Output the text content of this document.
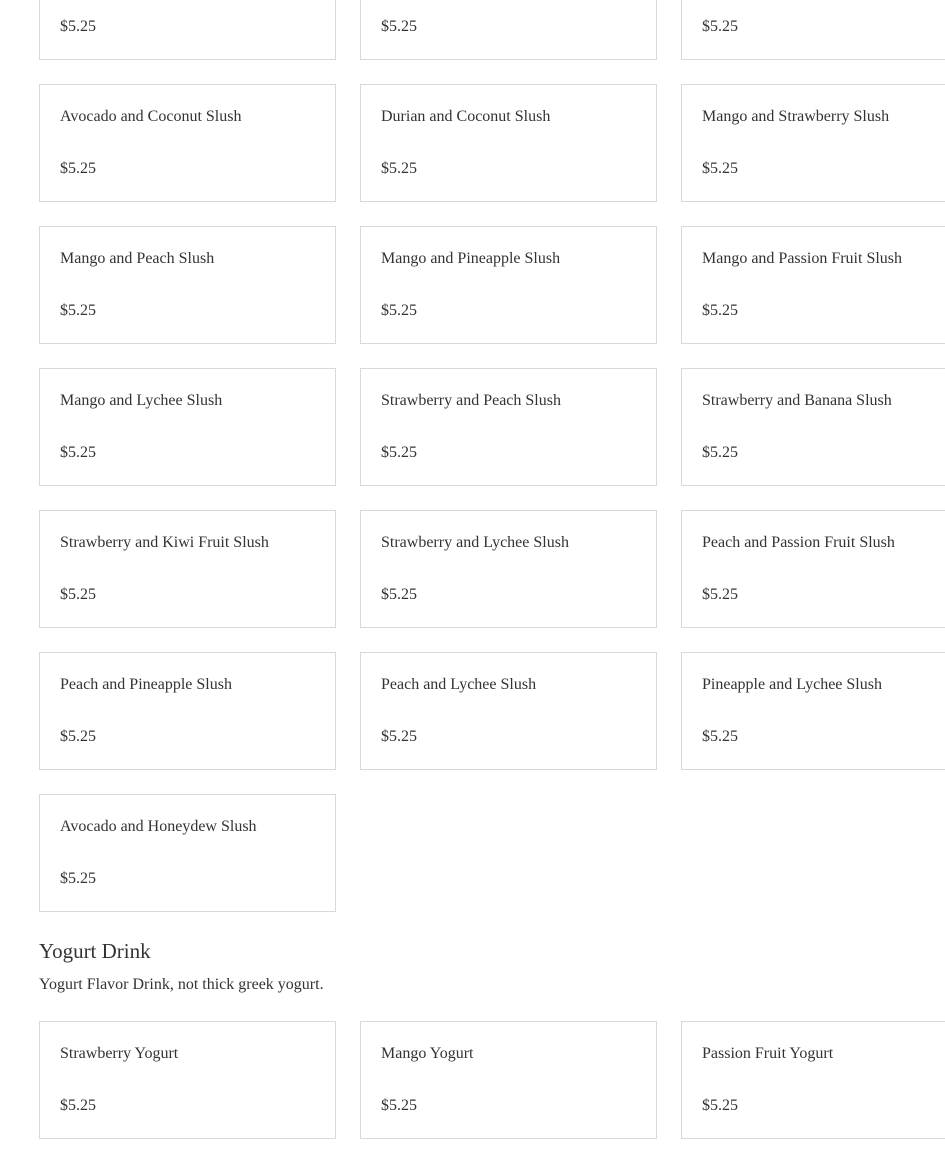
$5.25	$5.25	$5.25
Avocado and Coconut Slush
$5.25
Durian and Coconut Slush
$5.25
Mango and Strawberry Slush
$5.25
Mango and Peach Slush
$5.25
Mango and Pineapple Slush
$5.25
Mango and Passion Fruit Slush
$5.25
Mango and Lychee Slush
$5.25
Strawberry and Peach Slush
$5.25
Strawberry and Banana Slush
$5.25
Strawberry and Kiwi Fruit Slush
$5.25
Strawberry and Lychee Slush
$5.25
Peach and Passion Fruit Slush
$5.25
Peach and Pineapple Slush
$5.25
Peach and Lychee Slush
$5.25
Pineapple and Lychee Slush
$5.25
Avocado and Honeydew Slush
$5.25
Yogurt Drink

Yogurt Flavor Drink, not thick greek yogurt.

Strawberry Yogurt
$5.25
Mango Yogurt
$5.25
Passion Fruit Yogurt
$5.25
